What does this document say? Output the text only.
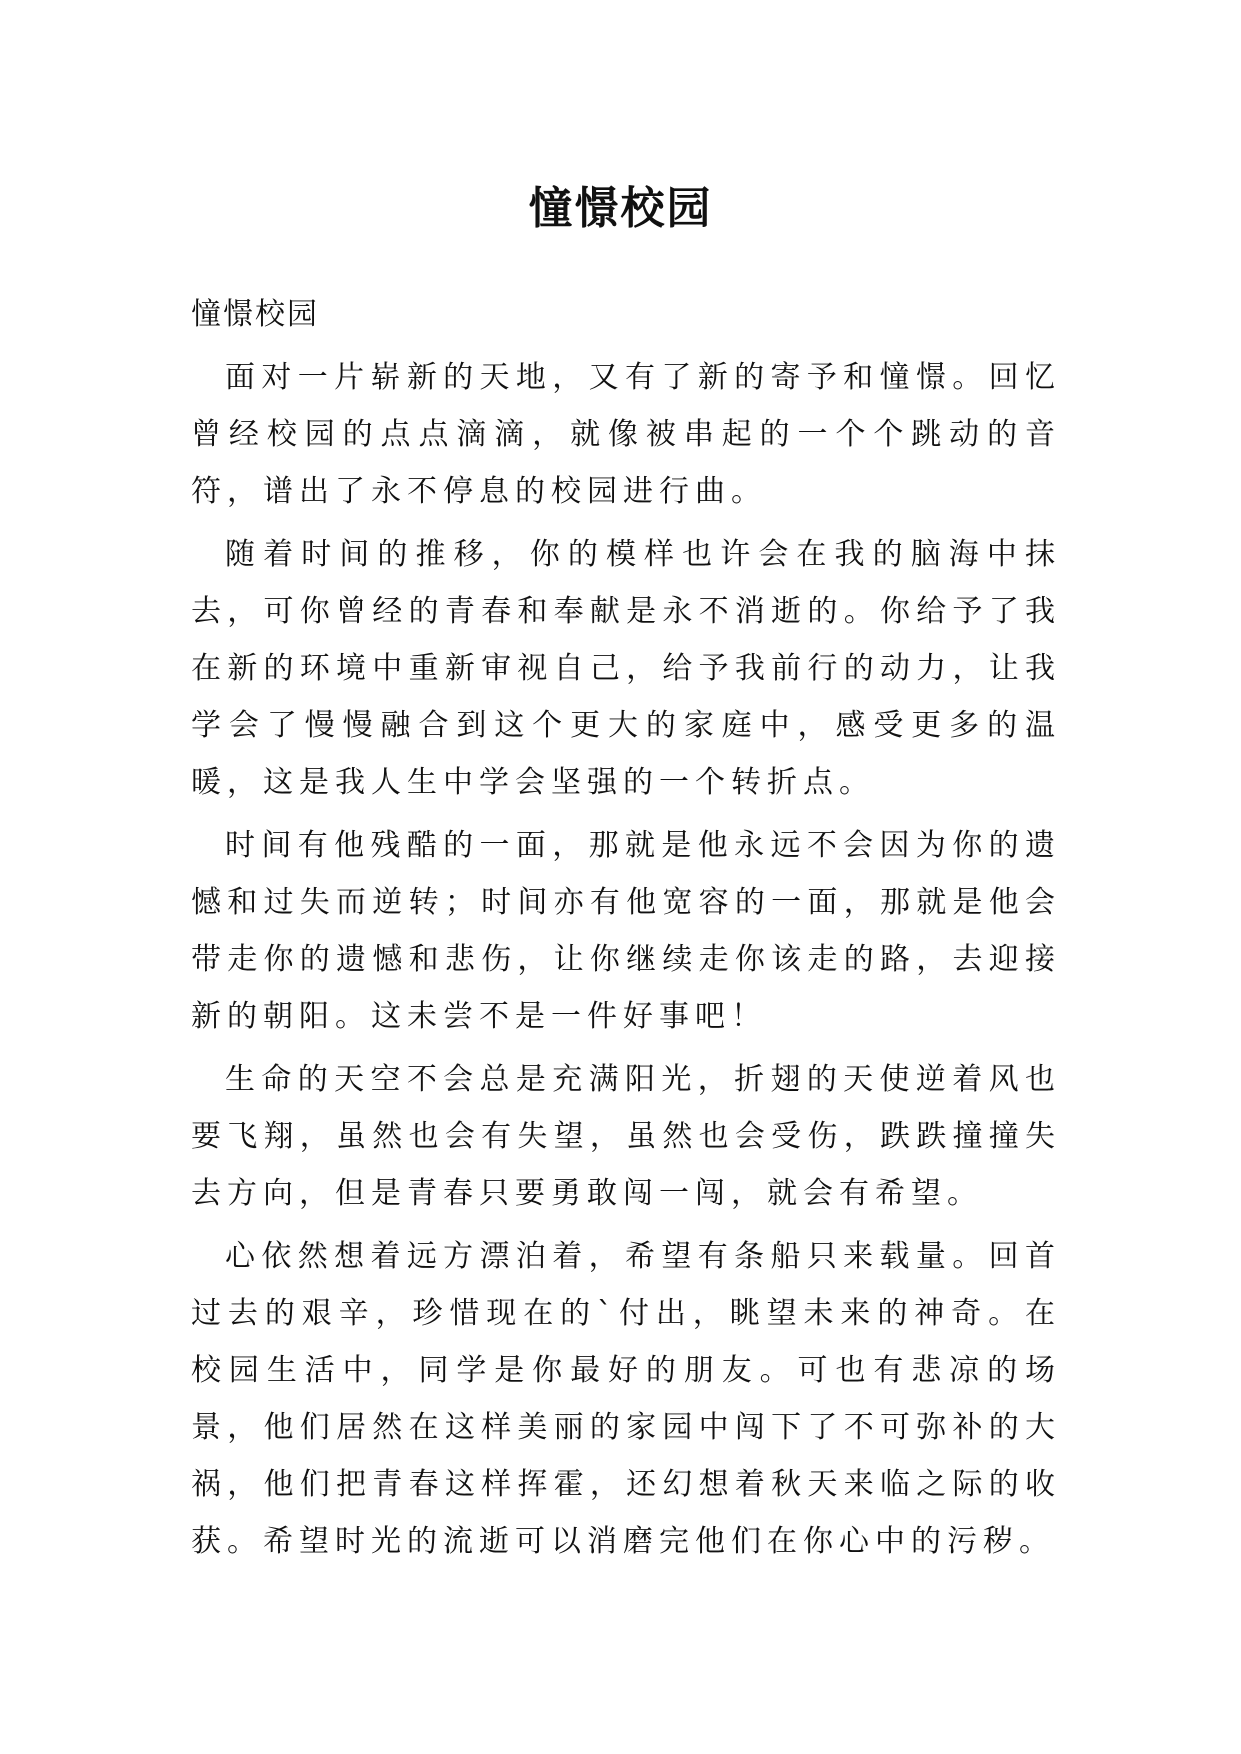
憧憬校园

憧憬校园

面对一片崭新的天地，又有了新的寄予和憧憬。回忆曾经校园的点点滴滴，就像被串起的一个个跳动的音符，谱出了永不停息的校园进行曲。

随着时间的推移，你的模样也许会在我的脑海中抹去，可你曾经的青春和奉献是永不消逝的。你给予了我在新的环境中重新审视自己，给予我前行的动力，让我学会了慢慢融合到这个更大的家庭中，感受更多的温暖，这是我人生中学会坚强的一个转折点。

时间有他残酷的一面，那就是他永远不会因为你的遗憾和过失而逆转；时间亦有他宽容的一面，那就是他会带走你的遗憾和悲伤，让你继续走你该走的路，去迎接新的朝阳。这未尝不是一件好事吧！

生命的天空不会总是充满阳光，折翅的天使逆着风也要飞翔，虽然也会有失望，虽然也会受伤，跌跌撞撞失去方向，但是青春只要勇敢闯一闯，就会有希望。

心依然想着远方漂泊着，希望有条船只来载量。回首过去的艰辛，珍惜现在的`付出，眺望未来的神奇。在校园生活中，同学是你最好的朋友。可也有悲凉的场景，他们居然在这样美丽的家园中闯下了不可弥补的大祸，他们把青春这样挥霍，还幻想着秋天来临之际的收获。希望时光的流逝可以消磨完他们在你心中的污秽。
